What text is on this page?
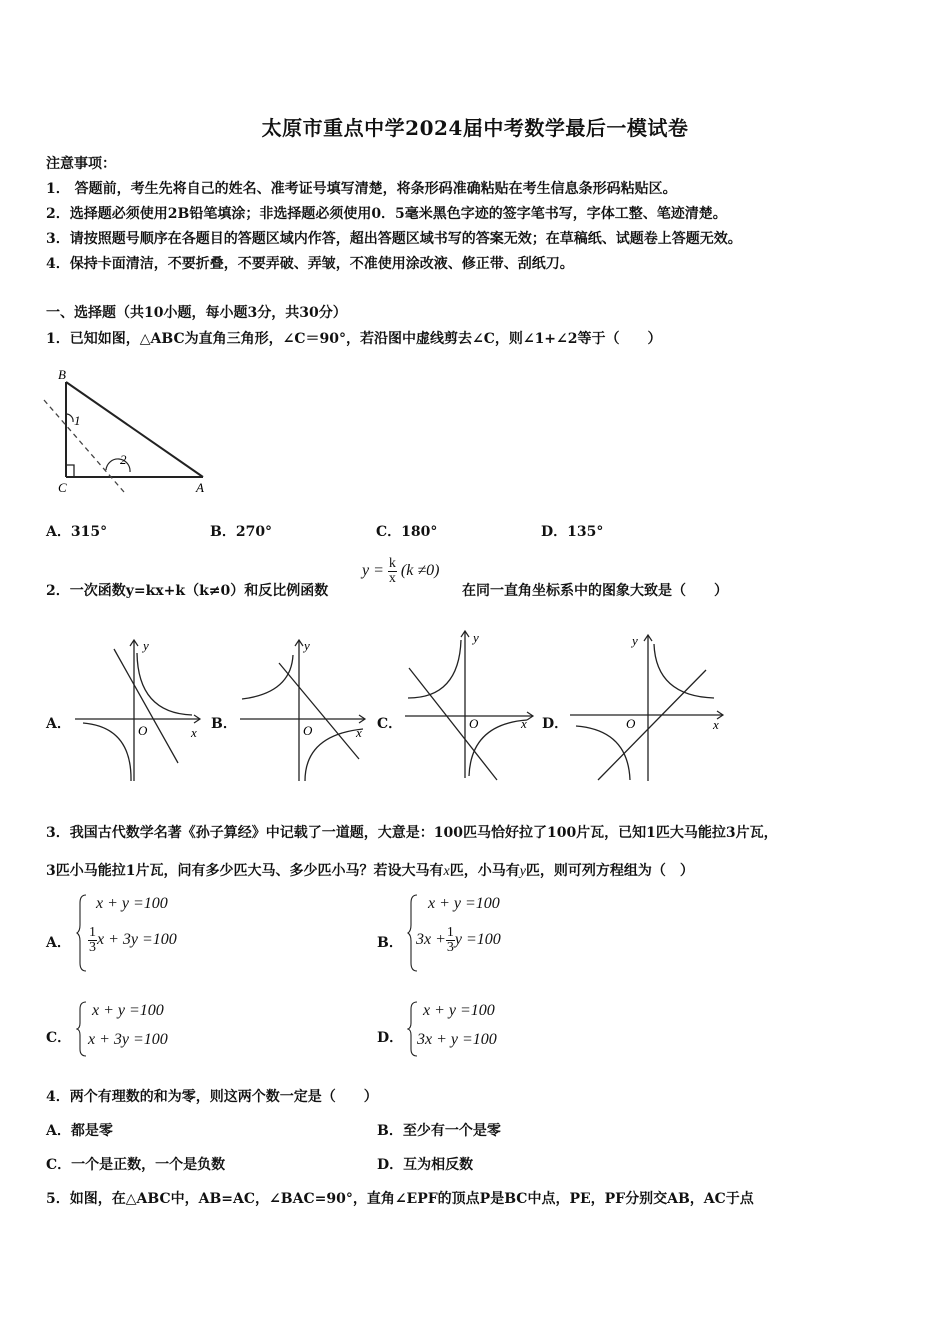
太原市重点中学2024届中考数学最后一模试卷
注意事项：
1． 答题前，考生先将自己的姓名、准考证号填写清楚，将条形码准确粘贴在考生信息条形码粘贴区。
2．选择题必须使用2B铅笔填涂；非选择题必须使用0．5毫米黑色字迹的签字笔书写，字体工整、笔迹清楚。
3．请按照题号顺序在各题目的答题区域内作答，超出答题区域书写的答案无效；在草稿纸、试题卷上答题无效。
4．保持卡面清洁，不要折叠，不要弄破、弄皱，不准使用涂改液、修正带、刮纸刀。
一、选择题（共10小题，每小题3分，共30分）
1．已知如图，△ABC为直角三角形，∠C＝90°，若沿图中虚线剪去∠C，则∠1+∠2等于（　　）
B
C	A
1
2
A．315°	B．270°	C．180°	D．135°
2．一次函数y=kx+k（k≠0）和反比例函数
$y = \frac{k}{x} (k \ne 0)$
在同一直角坐标系中的图象大致是（　　）
A．
y
x
O	B．
y
x
O	C．
y
x
O	D．
y
x
O
3．我国古代数学名著《孙子算经》中记载了一道题，大意是：100匹马恰好拉了100片瓦，已知1匹大马能拉3片瓦，
3匹小马能拉1片瓦，问有多少匹大马、多少匹小马？若设大马有x匹，小马有y匹，则可列方程组为（　）
A．
x + y =100
$\frac{1}{3}$ x + 3y =100	B．
x + y =100
$3x + \frac{1}{3}$ y =100
C．
x + y =100
x + 3y =100	D．
x + y =100
3x + y =100
4．两个有理数的和为零，则这两个数一定是（　　）
A．都是零	B．至少有一个是零
C．一个是正数，一个是负数	D．互为相反数
5．如图，在△ABC中，AB=AC，∠BAC=90°，直角∠EPF的顶点P是BC中点，PE，PF分别交AB，AC于点
